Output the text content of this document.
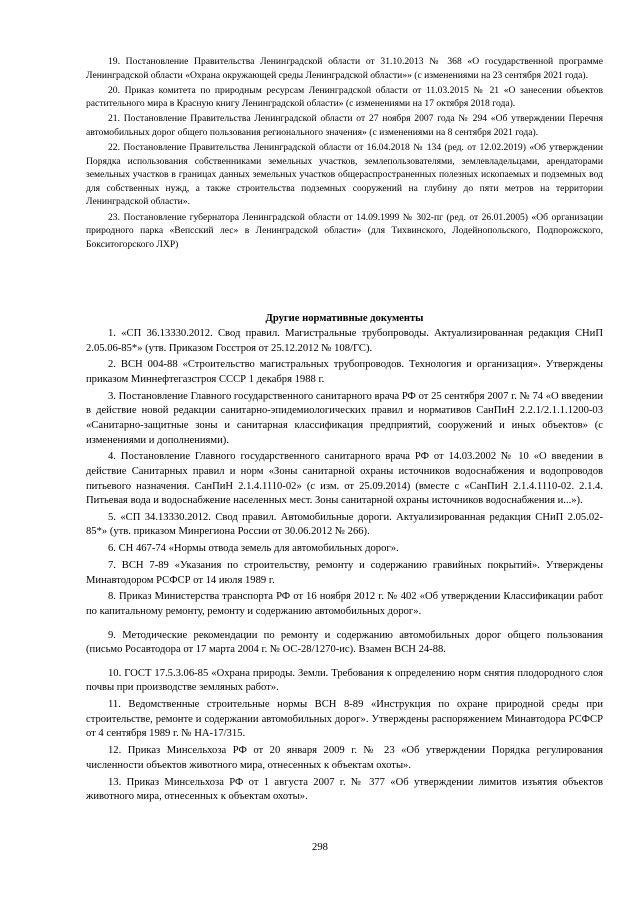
19. Постановление Правительства Ленинградской области от 31.10.2013 № 368 «О государственной программе Ленинградской области «Охрана окружающей среды Ленинградской области»» (с изменениями на 23 сентября 2021 года).

20. Приказ комитета по природным ресурсам Ленинградской области от 11.03.2015 № 21 «О занесении объектов растительного мира в Красную книгу Ленинградской области» (с изменениями на 17 октября 2018 года).

21. Постановление Правительства Ленинградской области от 27 ноября 2007 года № 294 «Об утверждении Перечня автомобильных дорог общего пользования регионального значения» (с изменениями на 8 сентября 2021 года).

22. Постановление Правительства Ленинградской области от 16.04.2018 № 134 (ред. от 12.02.2019) «Об утверждении Порядка использования собственниками земельных участков, землепользователями, землевладельцами, арендаторами земельных участков в границах данных земельных участков общераспространенных полезных ископаемых и подземных вод для собственных нужд, а также строительства подземных сооружений на глубину до пяти метров на территории Ленинградской области».

23. Постановление губернатора Ленинградской области от 14.09.1999 № 302-пг (ред. от 26.01.2005) «Об организации природного парка «Вепсский лес» в Ленинградской области» (для Тихвинского, Лодейнопольского, Подпорожского, Бокситогорского ЛХР)

Другие нормативные документы

1. «СП 36.13330.2012. Свод правил. Магистральные трубопроводы. Актуализированная редакция СНиП 2.05.06-85*» (утв. Приказом Госстроя от 25.12.2012 № 108/ГС).

2. ВСН 004-88 «Строительство магистральных трубопроводов. Технология и организация». Утверждены приказом Миннефтегазстроя СССР 1 декабря 1988 г.

3. Постановление Главного государственного санитарного врача РФ от 25 сентября 2007 г. № 74 «О введении в действие новой редакции санитарно-эпидемиологических правил и нормативов СанПиН 2.2.1/2.1.1.1200-03 «Санитарно-защитные зоны и санитарная классификация предприятий, сооружений и иных объектов» (с изменениями и дополнениями).

4. Постановление Главного государственного санитарного врача РФ от 14.03.2002 № 10 «О введении в действие Санитарных правил и норм «Зоны санитарной охраны источников водоснабжения и водопроводов питьевого назначения. СанПиН 2.1.4.1110-02» (с изм. от 25.09.2014) (вместе с «СанПиН 2.1.4.1110-02. 2.1.4. Питьевая вода и водоснабжение населенных мест. Зоны санитарной охраны источников водоснабжения и...»).

5. «СП 34.13330.2012. Свод правил. Автомобильные дороги. Актуализированная редакция СНиП 2.05.02-85*» (утв. приказом Минрегиона России от 30.06.2012 № 266).

6. СН 467-74 «Нормы отвода земель для автомобильных дорог».

7. ВСН 7-89 «Указания по строительству, ремонту и содержанию гравийных покрытий». Утверждены Минавтодором РСФСР от 14 июля 1989 г.

8. Приказ Министерства транспорта РФ от 16 ноября 2012 г. № 402 «Об утверждении Классификации работ по капитальному ремонту, ремонту и содержанию автомобильных дорог».

9. Методические рекомендации по ремонту и содержанию автомобильных дорог общего пользования (письмо Росавтодора от 17 марта 2004 г. № ОС-28/1270-ис). Взамен ВСН 24-88.

10. ГОСТ 17.5.3.06-85 «Охрана природы. Земли. Требования к определению норм снятия плодородного слоя почвы при производстве земляных работ».

11. Ведомственные строительные нормы ВСН 8-89 «Инструкция по охране природной среды при строительстве, ремонте и содержании автомобильных дорог». Утверждены распоряжением Минавтодора РСФСР от 4 сентября 1989 г. № НА-17/315.

12. Приказ Минсельхоза РФ от 20 января 2009 г. № 23 «Об утверждении Порядка регулирования численности объектов животного мира, отнесенных к объектам охоты».

13. Приказ Минсельхоза РФ от 1 августа 2007 г. № 377 «Об утверждении лимитов изъятия объектов животного мира, отнесенных к объектам охоты».

298
